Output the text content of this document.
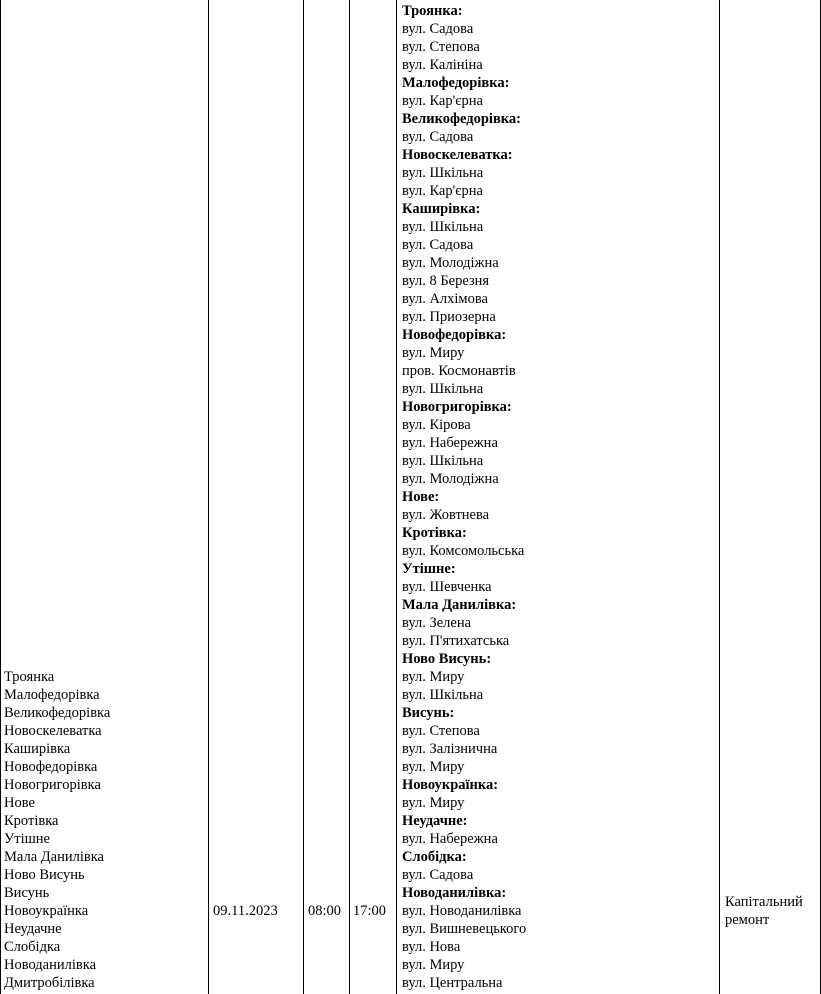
Троянка
Малофедорівка
Великофедорівка
Новоскелеватка
Каширівка
Новофедорівка
Новогригорівка
Нове
Кротівка
Утішне
Мала Данилівка
Ново Висунь
Висунь
Новоукраїнка
Неудачне
Слобідка
Новоданилівка
Дмитробілівка
09.11.2023 08:00 17:00
Троянка:
вул. Садова
вул. Степова
вул. Калініна
Малофедорівка:
вул. Кар'єрна
Великофедорівка:
вул. Садова
Новоскелеватка:
вул. Шкільна
вул. Кар'єрна
Каширівка:
вул. Шкільна
вул. Садова
вул. Молодіжна
вул. 8 Березня
вул. Алхімова
вул. Приозерна
Новофедорівка:
вул. Миру
пров. Космонавтів
вул. Шкільна
Новогригорівка:
вул. Кірова
вул. Набережна
вул. Шкільна
вул. Молодіжна
Нове:
вул. Жовтнева
Кротівка:
вул. Комсомольська
Утішне:
вул. Шевченка
Мала Данилівка:
вул. Зелена
вул. П'ятихатська
Ново Висунь:
вул. Миру
вул. Шкільна
Висунь:
вул. Степова
вул. Залізнична
вул. Миру
Новоукраїнка:
вул. Миру
Неудачне:
вул. Набережна
Слобідка:
вул. Садова
Новоданилівка:
вул. Новоданилівка
вул. Вишневецького
вул. Нова
вул. Миру
вул. Центральна
Капітальний
ремонт
